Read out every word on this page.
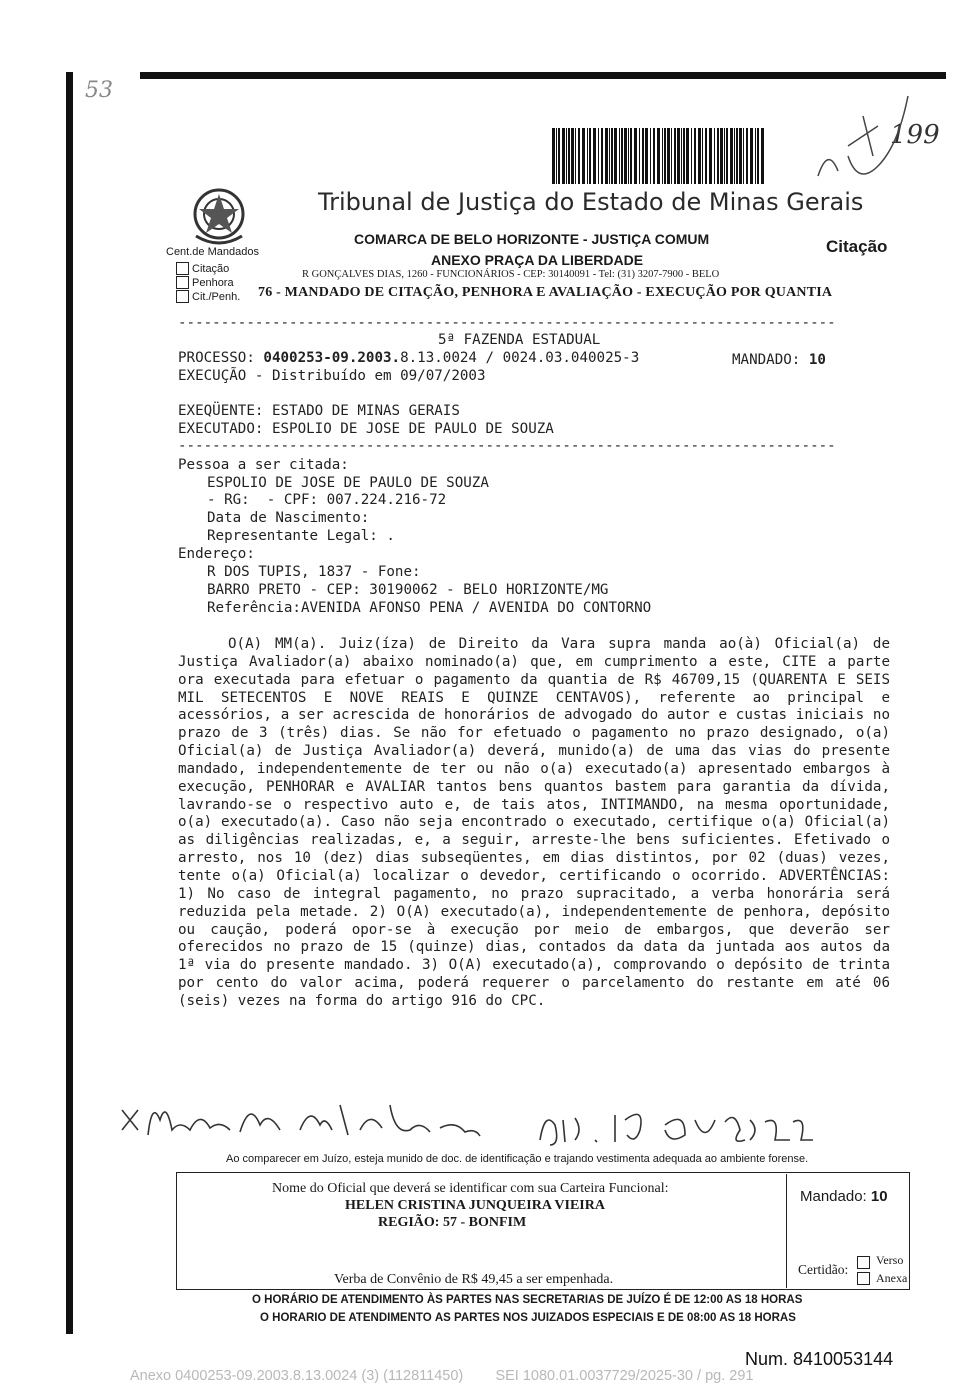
53
199
Tribunal de Justiça do Estado de Minas Gerais
COMARCA DE BELO HORIZONTE - JUSTIÇA COMUM
ANEXO PRAÇA DA LIBERDADE
R GONÇALVES DIAS, 1260 - FUNCIONÁRIOS - CEP: 30140091 - Tel: (31) 3207-7900 - BELO
Citação
76 - MANDADO DE CITAÇÃO, PENHORA E AVALIAÇÃO - EXECUÇÃO POR QUANTIA
Cent.de Mandados
Citação
Penhora
Cit./Penh.
-----------------------------------------------------------------------------
5ª FAZENDA ESTADUAL
PROCESSO: 0400253-09.2003.8.13.0024 / 0024.03.040025-3	MANDADO: 10
EXECUÇÃO - Distribuído em 09/07/2003
EXEQÜENTE: ESTADO DE MINAS GERAIS
EXECUTADO: ESPOLIO DE JOSE DE PAULO DE SOUZA
-----------------------------------------------------------------------------
Pessoa a ser citada:
ESPOLIO DE JOSE DE PAULO DE SOUZA
- RG:  - CPF: 007.224.216-72
Data de Nascimento:
Representante Legal: .
Endereço:
R DOS TUPIS, 1837 - Fone:
BARRO PRETO - CEP: 30190062 - BELO HORIZONTE/MG
Referência:AVENIDA AFONSO PENA / AVENIDA DO CONTORNO
O(A) MM(a). Juiz(íza) de Direito da Vara supra manda ao(à) Oficial(a) de Justiça Avaliador(a) abaixo nominado(a) que, em cumprimento a este, CITE a parte ora executada para efetuar o pagamento da quantia de R$ 46709,15 (QUARENTA E SEIS MIL SETECENTOS E NOVE REAIS E QUINZE CENTAVOS), referente ao principal e acessórios, a ser acrescida de honorários de advogado do autor e custas iniciais no prazo de 3 (três) dias. Se não for efetuado o pagamento no prazo designado, o(a) Oficial(a) de Justiça Avaliador(a) deverá, munido(a) de uma das vias do presente mandado, independentemente de ter ou não o(a) executado(a) apresentado embargos à execução, PENHORAR e AVALIAR tantos bens quantos bastem para garantia da dívida, lavrando-se o respectivo auto e, de tais atos, INTIMANDO, na mesma oportunidade, o(a) executado(a). Caso não seja encontrado o executado, certifique o(a) Oficial(a) as diligências realizadas, e, a seguir, arreste-lhe bens suficientes. Efetivado o arresto, nos 10 (dez) dias subseqüentes, em dias distintos, por 02 (duas) vezes, tente o(a) Oficial(a) localizar o devedor, certificando o ocorrido. ADVERTÊNCIAS: 1) No caso de integral pagamento, no prazo supracitado, a verba honorária será reduzida pela metade. 2) O(A) executado(a), independentemente de penhora, depósito ou caução, poderá opor-se à execução por meio de embargos, que deverão ser oferecidos no prazo de 15 (quinze) dias, contados da data da juntada aos autos da 1ª via do presente mandado. 3) O(A) executado(a), comprovando o depósito de trinta por cento do valor acima, poderá requerer o parcelamento do restante em até 06 (seis) vezes na forma do artigo 916 do CPC.
Ao comparecer em Juízo, esteja munido de doc. de identificação e trajando vestimenta adequada ao ambiente forense.
Nome do Oficial que deverá se identificar com sua Carteira Funcional:
HELEN CRISTINA JUNQUEIRA VIEIRA
REGIÃO: 57 - BONFIM
Mandado: 10
Verba de Convênio de R$ 49,45 a ser empenhada.
Certidão:
Verso
Anexa
O HORÁRIO DE ATENDIMENTO ÀS PARTES NAS SECRETARIAS DE JUÍZO É DE 12:00 AS 18 HORAS
O HORÁRIO DE ATENDIMENTO ÀS PARTES NOS JUIZADOS ESPECIAIS É DE 08:00 AS 18 HORAS
Num. 8410053144
Anexo 0400253-09.2003.8.13.0024 (3) (112811450)        SEI 1080.01.0037729/2025-30 / pg. 291
